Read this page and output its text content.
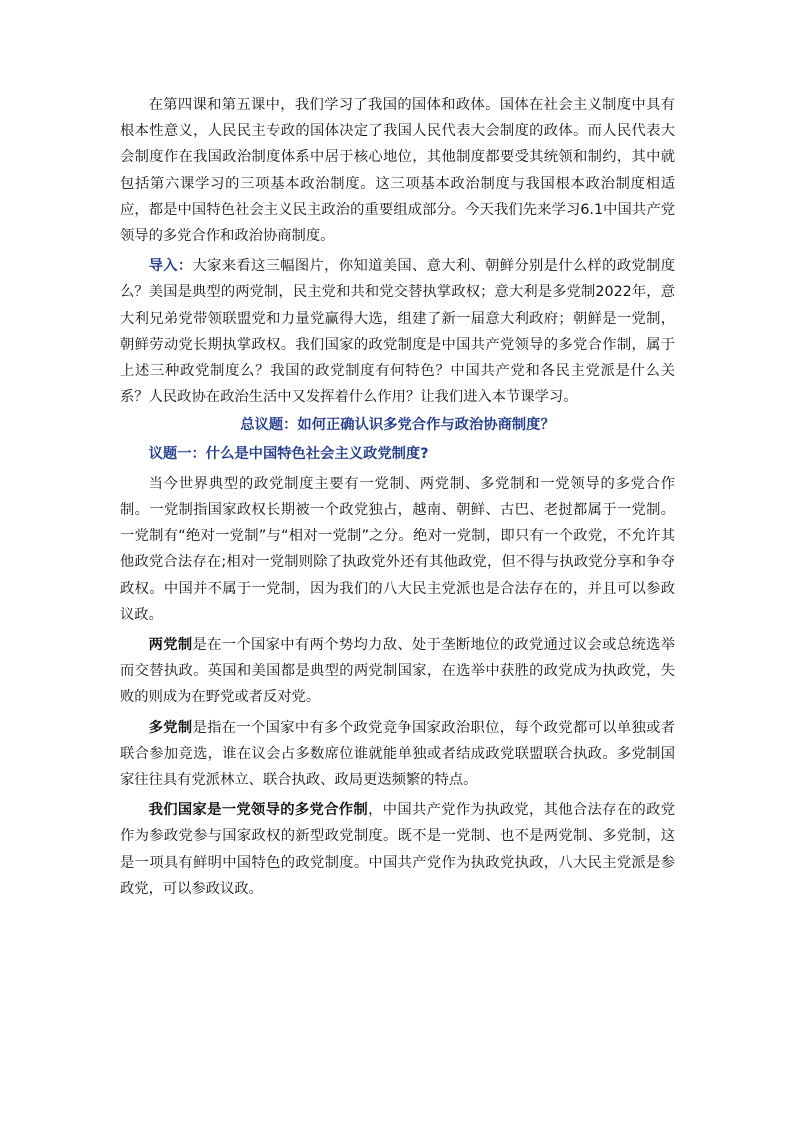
在第四课和第五课中，我们学习了我国的国体和政体。国体在社会主义制度中具有根本性意义，人民民主专政的国体决定了我国人民代表大会制度的政体。而人民代表大会制度作在我国政治制度体系中居于核心地位，其他制度都要受其统领和制约，其中就包括第六课学习的三项基本政治制度。这三项基本政治制度与我国根本政治制度相适应，都是中国特色社会主义民主政治的重要组成部分。今天我们先来学习6.1中国共产党领导的多党合作和政治协商制度。

导入：大家来看这三幅图片，你知道美国、意大利、朝鲜分别是什么样的政党制度么？美国是典型的两党制，民主党和共和党交替执掌政权；意大利是多党制2022年，意大利兄弟党带领联盟党和力量党赢得大选，组建了新一届意大利政府；朝鲜是一党制，朝鲜劳动党长期执掌政权。我们国家的政党制度是中国共产党领导的多党合作制，属于上述三种政党制度么？我国的政党制度有何特色？中国共产党和各民主党派是什么关系？人民政协在政治生活中又发挥着什么作用？让我们进入本节课学习。

总议题：如何正确认识多党合作与政治协商制度？

议题一：什么是中国特色社会主义政党制度?

当今世界典型的政党制度主要有一党制、两党制、多党制和一党领导的多党合作制。一党制指国家政权长期被一个政党独占，越南、朝鲜、古巴、老挝都属于一党制。一党制有“绝对一党制”与“相对一党制”之分。绝对一党制，即只有一个政党，不允许其他政党合法存在;相对一党制则除了执政党外还有其他政党，但不得与执政党分享和争夺政权。中国并不属于一党制，因为我们的八大民主党派也是合法存在的，并且可以参政议政。

两党制是在一个国家中有两个势均力敌、处于垄断地位的政党通过议会或总统选举而交替执政。英国和美国都是典型的两党制国家，在选举中获胜的政党成为执政党，失败的则成为在野党或者反对党。

多党制是指在一个国家中有多个政党竞争国家政治职位，每个政党都可以单独或者联合参加竞选，谁在议会占多数席位谁就能单独或者结成政党联盟联合执政。多党制国家往往具有党派林立、联合执政、政局更迭频繁的特点。

我们国家是一党领导的多党合作制，中国共产党作为执政党，其他合法存在的政党作为参政党参与国家政权的新型政党制度。既不是一党制、也不是两党制、多党制，这是一项具有鲜明中国特色的政党制度。中国共产党作为执政党执政，八大民主党派是参政党，可以参政议政。
